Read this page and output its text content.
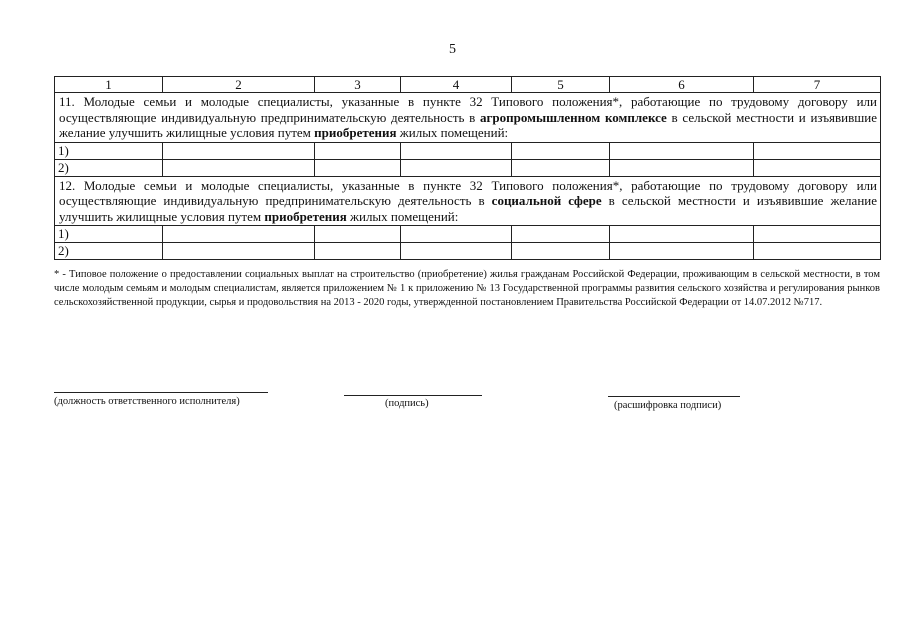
5
1	2	3	4	5	6	7
11. Молодые семьи и молодые специалисты, указанные в пункте 32 Типового положения*, работающие по трудовому договору или осуществляющие индивидуальную предпринимательскую деятельность в агропромышленном комплексе в сельской местности и изъявившие желание улучшить жилищные условия путем приобретения жилых помещений:						
1)						
2)						
12. Молодые семьи и молодые специалисты, указанные в пункте 32 Типового положения*, работающие по трудовому договору или осуществляющие индивидуальную предпринимательскую деятельность в социальной сфере в сельской местности и изъявившие желание улучшить жилищные условия путем приобретения жилых помещений:						
1)						
2)						
* - Типовое положение о предоставлении социальных выплат на строительство (приобретение) жилья гражданам Российской Федерации, проживающим в сельской местности, в том числе молодым семьям и молодым специалистам, является приложением № 1 к приложению № 13 Государственной программы развития сельского хозяйства и регулирования рынков сельскохозяйственной продукции, сырья и продовольствия на 2013 - 2020 годы, утвержденной постановлением Правительства Российской Федерации от 14.07.2012 №717.
(должность ответственного исполнителя)	(подпись)	(расшифровка подписи)
